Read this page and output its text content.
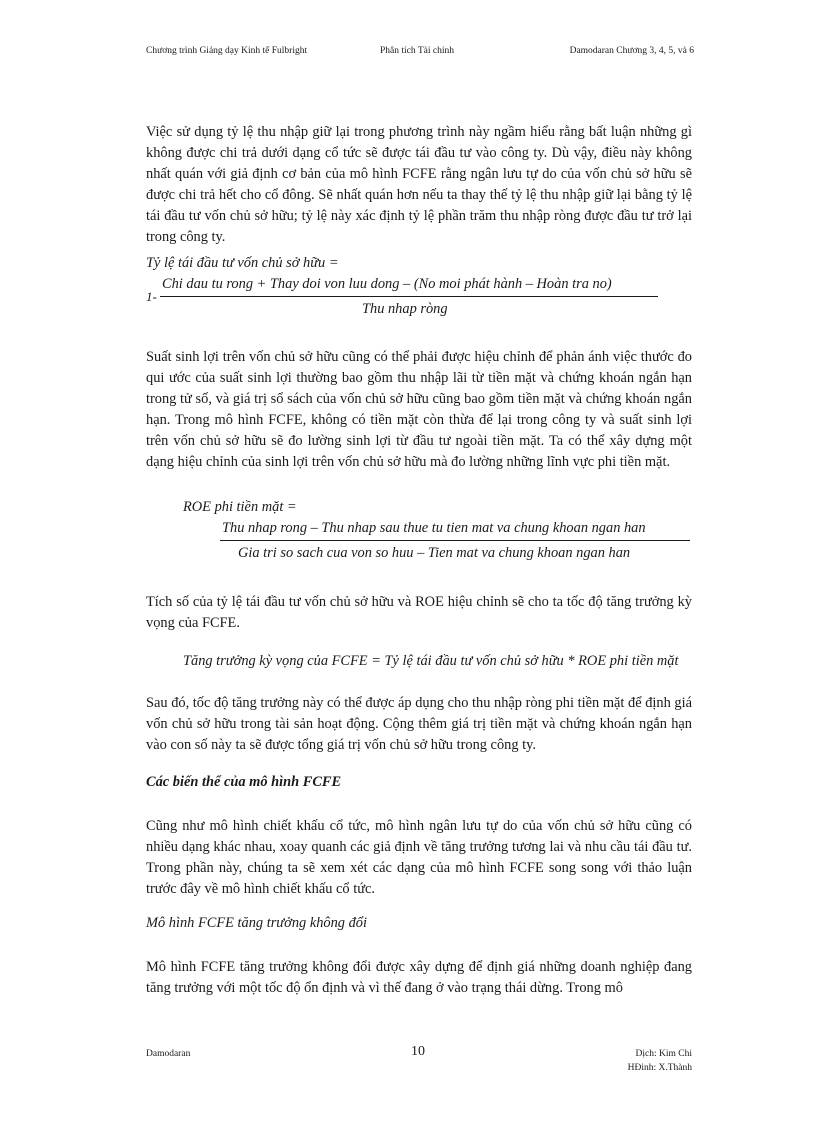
Chương trình Giảng dạy Kinh tế Fulbright	Phân tích Tài chính	Damodaran Chương 3, 4, 5, và 6

Việc sử dụng tỷ lệ thu nhập giữ lại trong phương trình này ngầm hiểu rằng bất luận những gì không được chi trả dưới dạng cổ tức sẽ được tái đầu tư vào công ty. Dù vậy, điều này không nhất quán với giả định cơ bản của mô hình FCFE rằng ngân lưu tự do của vốn chủ sở hữu sẽ được chi trả hết cho cổ đông. Sẽ nhất quán hơn nếu ta thay thế tỷ lệ thu nhập giữ lại bằng tỷ lệ tái đầu tư vốn chủ sở hữu; tỷ lệ này xác định tỷ lệ phần trăm thu nhập ròng được đầu tư trở lại trong công ty.

Tỷ lệ tái đầu tư vốn chủ sở hữu =
Chi dau tu rong + Thay doi von luu dong – (No moi phát hành – Hoàn tra no)
1-
Thu nhap ròng

Suất sinh lợi trên vốn chủ sở hữu cũng có thể phải được hiệu chỉnh để phản ánh việc thước đo qui ước của suất sinh lợi thường bao gồm thu nhập lãi từ tiền mặt và chứng khoán ngắn hạn trong tử số, và giá trị sổ sách của vốn chủ sở hữu cũng bao gồm tiền mặt và chứng khoán ngắn hạn. Trong mô hình FCFE, không có tiền mặt còn thừa để lại trong công ty và suất sinh lợi trên vốn chủ sở hữu sẽ đo lường sinh lợi từ đầu tư ngoài tiền mặt. Ta có thể xây dựng một dạng hiệu chỉnh của sinh lợi trên vốn chủ sở hữu mà đo lường những lĩnh vực phi tiền mặt.

ROE phi tiền mặt =
Thu nhap rong – Thu nhap sau thue tu tien mat va chung khoan ngan han
Gia tri so sach cua von so huu – Tien mat va chung khoan ngan han

Tích số của tỷ lệ tái đầu tư vốn chủ sở hữu và ROE hiệu chỉnh sẽ cho ta tốc độ tăng trưởng kỳ vọng của FCFE.

Tăng trưởng kỳ vọng của FCFE = Tỷ lệ tái đầu tư vốn chủ sở hữu * ROE phi tiền mặt

Sau đó, tốc độ tăng trưởng này có thể được áp dụng cho thu nhập ròng phi tiền mặt để định giá vốn chủ sở hữu trong tài sản hoạt động. Cộng thêm giá trị tiền mặt và chứng khoán ngắn hạn vào con số này ta sẽ được tổng giá trị vốn chủ sở hữu trong công ty.

Các biến thể của mô hình FCFE

Cũng như mô hình chiết khấu cổ tức, mô hình ngân lưu tự do của vốn chủ sở hữu cũng có nhiều dạng khác nhau, xoay quanh các giả định về tăng trưởng tương lai và nhu cầu tái đầu tư. Trong phần này, chúng ta sẽ xem xét các dạng của mô hình FCFE song song với thảo luận trước đây về mô hình chiết khấu cổ tức.

Mô hình FCFE tăng trưởng không đổi

Mô hình FCFE tăng trưởng không đổi được xây dựng để định giá những doanh nghiệp đang tăng trưởng với một tốc độ ổn định và vì thế đang ở vào trạng thái dừng. Trong mô

Damodaran	10	Dịch: Kim Chi
HĐinh: X.Thành
